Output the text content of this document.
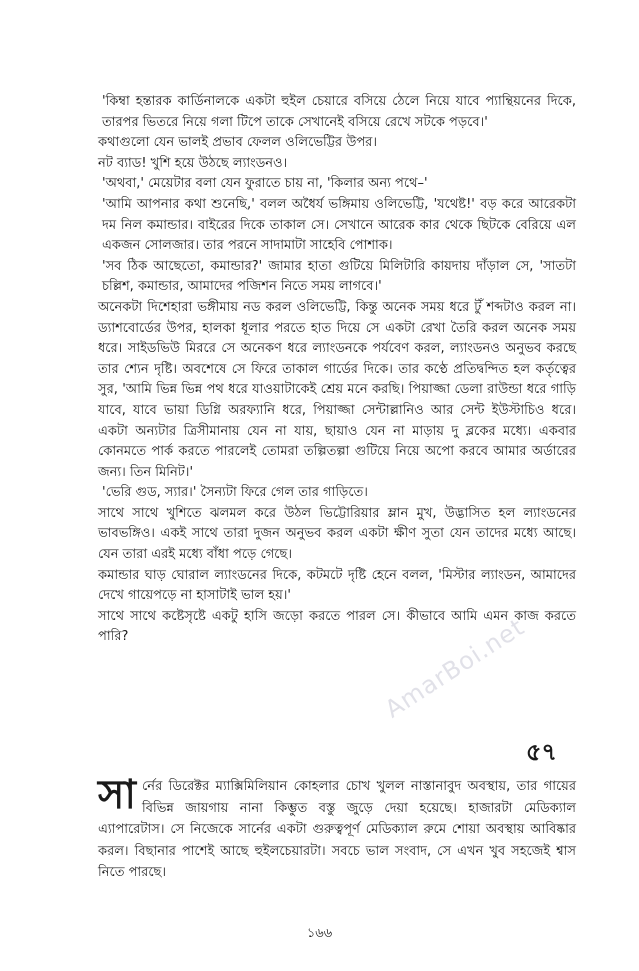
'কিম্বা হন্তারক কার্ডিনালকে একটা হুইল চেয়ারে বসিয়ে ঠেলে নিয়ে যাবে প্যান্থিয়নের দিকে, তারপর ভিতরে নিয়ে গলা টিপে তাকে সেখানেই বসিয়ে রেখে সটকে পড়বে।'

কথাগুলো যেন ভালই প্রভাব ফেলল ওলিভেট্টির উপর।

নট ব্যাড! খুশি হয়ে উঠছে ল্যাংডনও।

'অথবা,' মেয়েটার বলা যেন ফুরাতে চায় না, 'কিলার অন্য পথে–'

'আমি আপনার কথা শুনেছি,' বলল অধৈর্য ভঙ্গিমায় ওলিভেট্টি, 'যথেষ্ট!' বড় করে আরেকটা দম নিল কমান্ডার। বাইরের দিকে তাকাল সে। সেখানে আরেক কার থেকে ছিটকে বেরিয়ে এল একজন সোলজার। তার পরনে সাদামাটা সাহেবি পোশাক।

'সব ঠিক আছেতো, কমান্ডার?' জামার হাতা গুটিয়ে মিলিটারি কায়দায় দাঁড়াল সে, 'সাতটা চল্লিশ, কমান্ডার, আমাদের পজিশন নিতে সময় লাগবে।'

অনেকটা দিশেহারা ভঙ্গীমায় নড করল ওলিভেট্টি, কিন্তু অনেক সময় ধরে টুঁ শব্দটাও করল না। ড্যাশবোর্ডের উপর, হালকা ধূলার পরতে হাত দিয়ে সে একটা রেখা তৈরি করল অনেক সময় ধরে। সাইডভিউ মিররে সে অনেকণ ধরে ল্যাংডনকে পর্যবেণ করল, ল্যাংডনও অনুভব করছে তার শ্যেন দৃষ্টি। অবশেষে সে ফিরে তাকাল গার্ডের দিকে। তার কণ্ঠে প্রতিদ্বন্দিত হল কর্তৃত্বের সুর, 'আমি ভিন্ন ভিন্ন পথ ধরে যাওয়াটাকেই শ্রেয় মনে করছি। পিয়াজ্জা ডেলা রাউন্ডা ধরে গাড়ি যাবে, যাবে ভায়া ডিগ্নি অরফ্যানি ধরে, পিয়াজ্জা সেন্টাল্লানিও আর সেন্ট ইউস্টাচিও ধরে। একটা অন্যটার ত্রিসীমানায় যেন না যায়, ছায়াও যেন না মাড়ায় দু ব্লকের মধ্যে। একবার কোনমতে পার্ক করতে পারলেই তোমরা তল্পিতল্পা গুটিয়ে নিয়ে অপো করবে আমার অর্ডারের জন্য। তিন মিনিট।'

'ভেরি গুড, স্যার।' সৈন্যটা ফিরে গেল তার গাড়িতে।

সাথে সাথে খুশিতে ঝলমল করে উঠল ভিট্টোরিয়ার ম্লান মুখ, উদ্ভাসিত হল ল্যাংডনের ভাবভঙ্গিও। একই সাথে তারা দুজন অনুভব করল একটা ক্ষীণ সুতা যেন তাদের মধ্যে আছে। যেন তারা এরই মধ্যে বাঁধা পড়ে গেছে।

কমান্ডার ঘাড় ঘোরাল ল্যাংডনের দিকে, কটমটে দৃষ্টি হেনে বলল, 'মিস্টার ল্যাংডন, আমাদের দেখে গায়েপড়ে না হাসাটাই ভাল হয়।'

সাথে সাথে কষ্টেসৃষ্টে একটু হাসি জড়ো করতে পারল সে। কীভাবে আমি এমন কাজ করতে পারি?

৫৭

সার্নের ডিরেক্টর ম্যাক্সিমিলিয়ান কোহলার চোখ খুলল নাস্তানাবুদ অবস্থায়, তার গায়ের বিভিন্ন জায়গায় নানা কিম্ভুত বস্তু জুড়ে দেয়া হয়েছে। হাজারটা মেডিক্যাল এ্যাপারেটাস। সে নিজেকে সার্নের একটা গুরুত্বপূর্ণ মেডিক্যাল রুমে শোয়া অবস্থায় আবিষ্কার করল। বিছানার পাশেই আছে হুইলচেয়ারটা। সবচে ভাল সংবাদ, সে এখন খুব সহজেই শ্বাস নিতে পারছে।

১৬৬
AmarBoi.net
